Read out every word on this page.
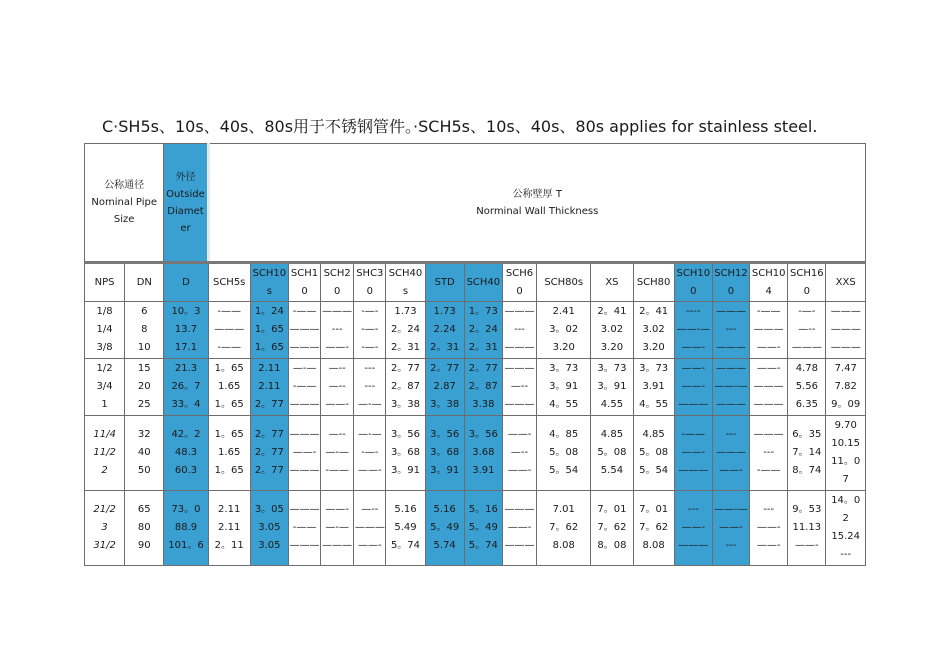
C·SH5s、10s、40s、80s用于不锈钢管件。·SCH5s、10s、40s、80s applies for stainless steel.
公称通径
Nominal Pipe
Size		外径
Outside
Diamet
er	公称壁厚 T
Norminal Wall Thickness																

NPS	DN	D	SCH5s	SCH10
s	SCH1
0	SCH2
0	SHC3
0	SCH40
s	STD	SCH40	SCH6
0	SCH80s	XS	SCH80	SCH10
0	SCH12
0	SCH10
4	SCH16
0	XXS

1/8
1/4
3/8	6
8
10	10。3
13.7
17.1	-——
———
-——	1。24
1。65
1。65	-——
———
———	———
---
——-	-—-
-—-
-—-	1.73
2。24
2。31	1.73
2.24
2。31	1。73
2。24
2。31	———
---
———	2.41
3。02
3.20	2。41
3.02
3.20	2。41
3.02
3.20	----
——-—
——-	———
---
———	-——
———
——-	-—-
—--
———	———
———
———

1/2
3/4
1	15
20
25	21.3
26。7
33。4	1。65
1.65
1。65	2.11
2.11
2。77	—-—
-——
———	—--
—--
——-	---
---
—-—	2。77
2。87
3。38	2。77
2.87
3。38	2。77
2。87
3.38	———
—--
———	3。73
3。91
4。55	3。73
3。91
4.55	3。73
3.91
4。55	——-
——-
———	———
——-—
———	——-
———
———	4.78
5.56
6.35	7.47
7.82
9。09

11/4
11/2
2	32
40
50	42。2
48.3
60.3	1。65
1.65
1。65	2。77
2。77
2。77	———
——-
———	—--
—-—
-——	—-—
-—-
——-	3。56
3。68
3。91	3。56
3。68
3。91	3。56
3.68
3.91	——-
—--
——-	4。85
5。08
5。54	4.85
5。08
5.54	4.85
5。08
5。54	-——
——-
———	---
———
——-	———
---
-——	6。35
7。14
8。74	9.70
10.15
11。0
7

21/2
3
31/2	65
80
90	73。0
88.9
101。6	2.11
2.11
2。11	3。05
3.05
3.05	———
-——
———	——-
—-—
———	—--
———
——-	5.16
5.49
5。74	5.16
5。49
5.74	5。16
5。49
5。74	———
——-
———	7.01
7。62
8.08	7。01
7。62
8。08	7。01
7。62
8.08	---
——-
———	——-—
——-
---	---
——-
——-	9。53
11.13
——-	14。0
2
15.24
---
